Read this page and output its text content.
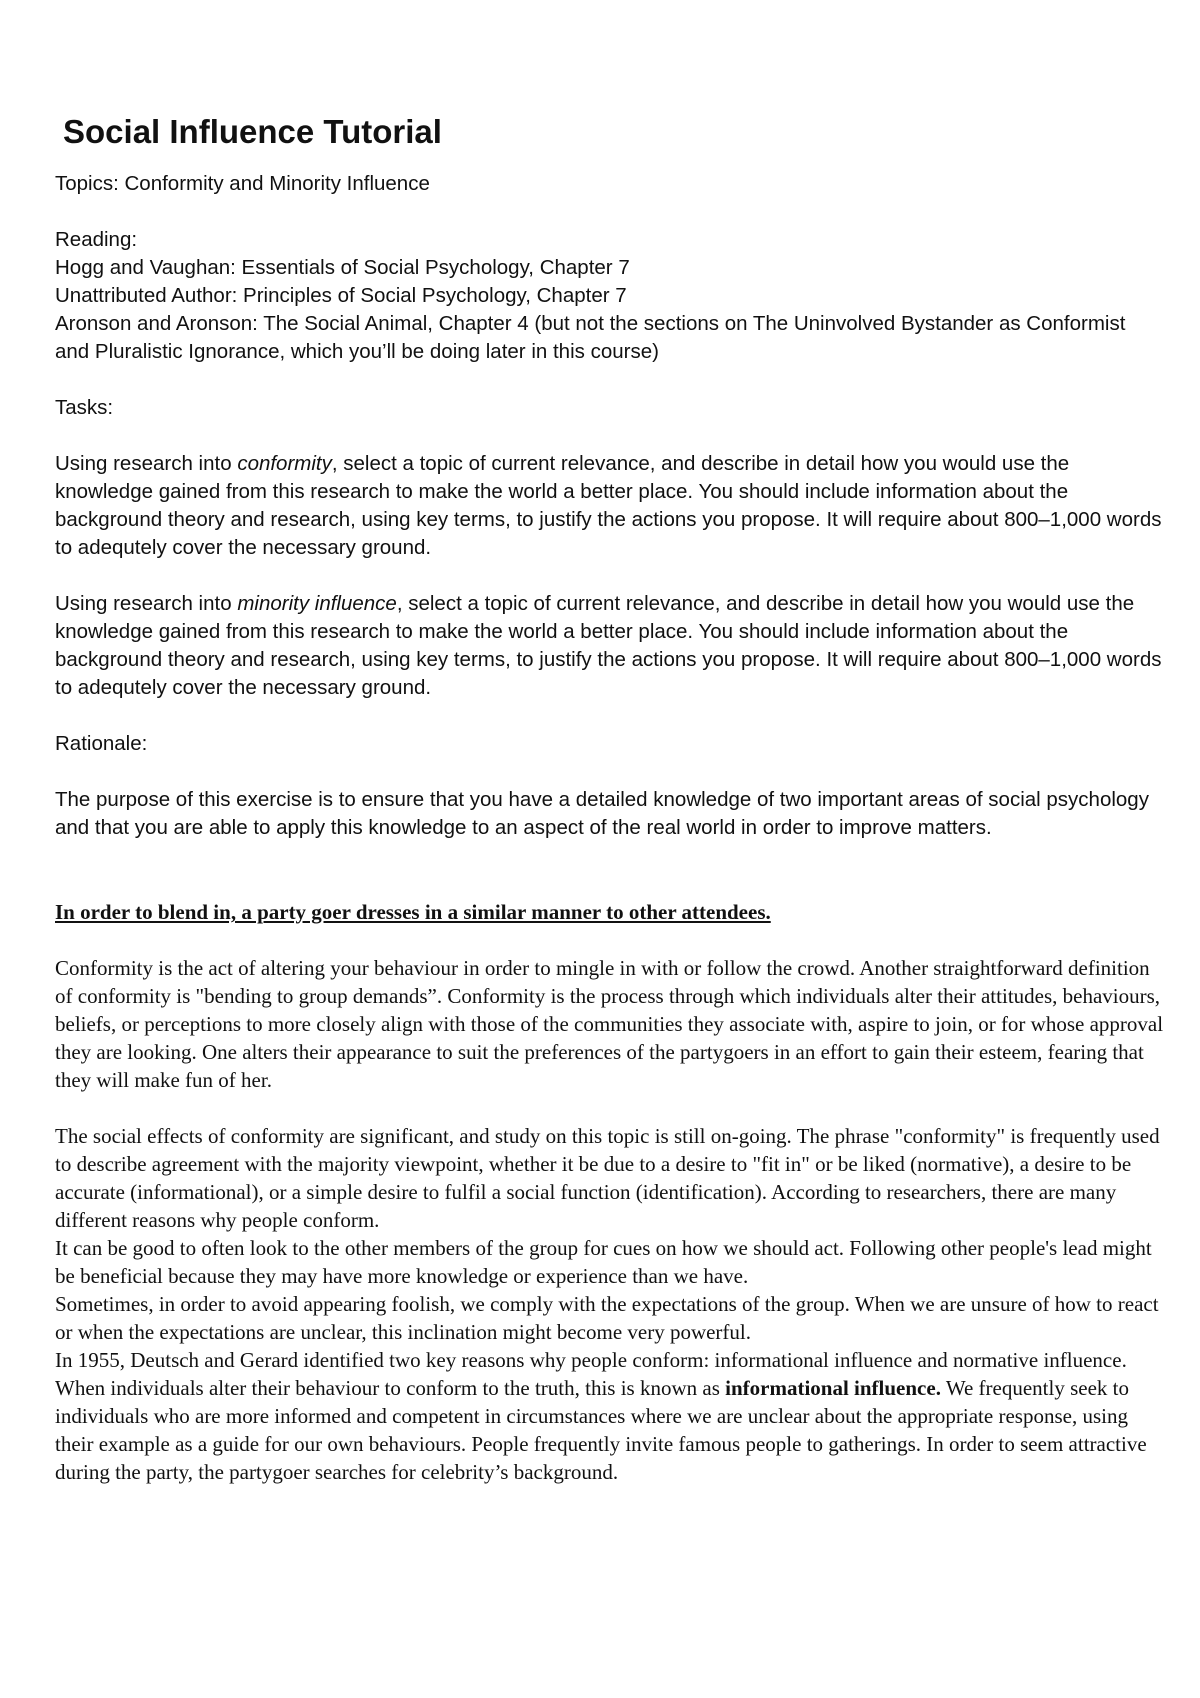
Social Influence Tutorial

Topics: Conformity and Minority Influence

Reading:
Hogg and Vaughan: Essentials of Social Psychology, Chapter 7
Unattributed Author: Principles of Social Psychology, Chapter 7
Aronson and Aronson: The Social Animal, Chapter 4 (but not the sections on The Uninvolved Bystander as Conformist and Pluralistic Ignorance, which you’ll be doing later in this course)

Tasks:

Using research into conformity, select a topic of current relevance, and describe in detail how you would use the knowledge gained from this research to make the world a better place. You should include information about the background theory and research, using key terms, to justify the actions you propose. It will require about 800–1,000 words to adequtely cover the necessary ground.

Using research into minority influence, select a topic of current relevance, and describe in detail how you would use the knowledge gained from this research to make the world a better place. You should include information about the background theory and research, using key terms, to justify the actions you propose. It will require about 800–1,000 words to adequtely cover the necessary ground.

Rationale:

The purpose of this exercise is to ensure that you have a detailed knowledge of two important areas of social psychology and that you are able to apply this knowledge to an aspect of the real world in order to improve matters.

In order to blend in, a party goer dresses in a similar manner to other attendees.

Conformity is the act of altering your behaviour in order to mingle in with or follow the crowd. Another straightforward definition of conformity is "bending to group demands”. Conformity is the process through which individuals alter their attitudes, behaviours, beliefs, or perceptions to more closely align with those of the communities they associate with, aspire to join, or for whose approval they are looking. One alters their appearance to suit the preferences of the partygoers in an effort to gain their esteem, fearing that they will make fun of her.

The social effects of conformity are significant, and study on this topic is still on-going. The phrase "conformity" is frequently used to describe agreement with the majority viewpoint, whether it be due to a desire to "fit in" or be liked (normative), a desire to be accurate (informational), or a simple desire to fulfil a social function (identification). According to researchers, there are many different reasons why people conform.

It can be good to often look to the other members of the group for cues on how we should act. Following other people's lead might be beneficial because they may have more knowledge or experience than we have.

Sometimes, in order to avoid appearing foolish, we comply with the expectations of the group. When we are unsure of how to react or when the expectations are unclear, this inclination might become very powerful.

In 1955, Deutsch and Gerard identified two key reasons why people conform: informational influence and normative influence.

When individuals alter their behaviour to conform to the truth, this is known as informational influence. We frequently seek to individuals who are more informed and competent in circumstances where we are unclear about the appropriate response, using their example as a guide for our own behaviours. People frequently invite famous people to gatherings. In order to seem attractive during the party, the partygoer searches for celebrity’s background.
